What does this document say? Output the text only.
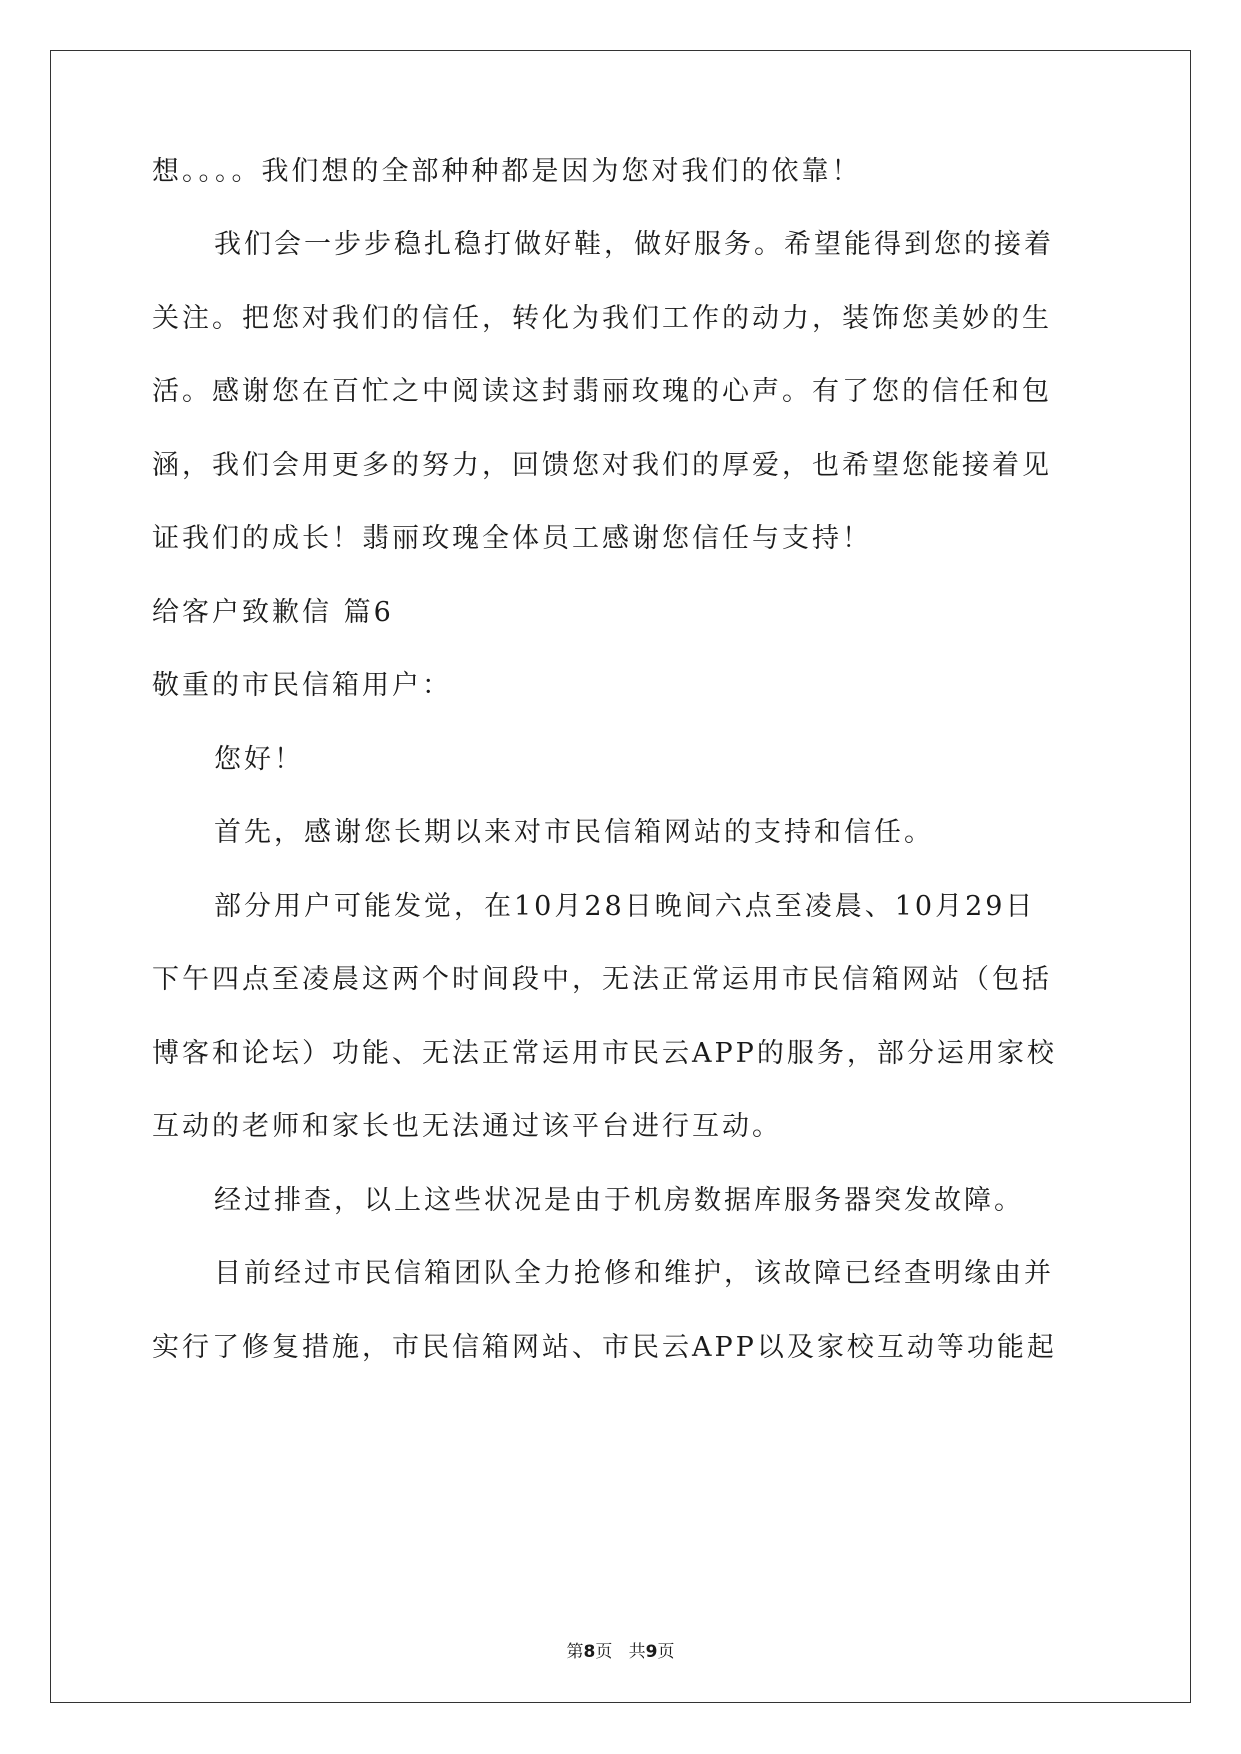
想。。。。我们想的全部种种都是因为您对我们的依靠！
我们会一步步稳扎稳打做好鞋，做好服务。希望能得到您的接着
关注。把您对我们的信任，转化为我们工作的动力，装饰您美妙的生
活。感谢您在百忙之中阅读这封翡丽玫瑰的心声。有了您的信任和包
涵，我们会用更多的努力，回馈您对我们的厚爱，也希望您能接着见
证我们的成长！翡丽玫瑰全体员工感谢您信任与支持！
给客户致歉信 篇6
敬重的市民信箱用户：
您好！
首先，感谢您长期以来对市民信箱网站的支持和信任。
部分用户可能发觉，在10月28日晚间六点至凌晨、10月29日
下午四点至凌晨这两个时间段中，无法正常运用市民信箱网站（包括
博客和论坛）功能、无法正常运用市民云APP的服务，部分运用家校
互动的老师和家长也无法通过该平台进行互动。
经过排查，以上这些状况是由于机房数据库服务器突发故障。
目前经过市民信箱团队全力抢修和维护，该故障已经查明缘由并
实行了修复措施，市民信箱网站、市民云APP以及家校互动等功能起
第8页 共9页
